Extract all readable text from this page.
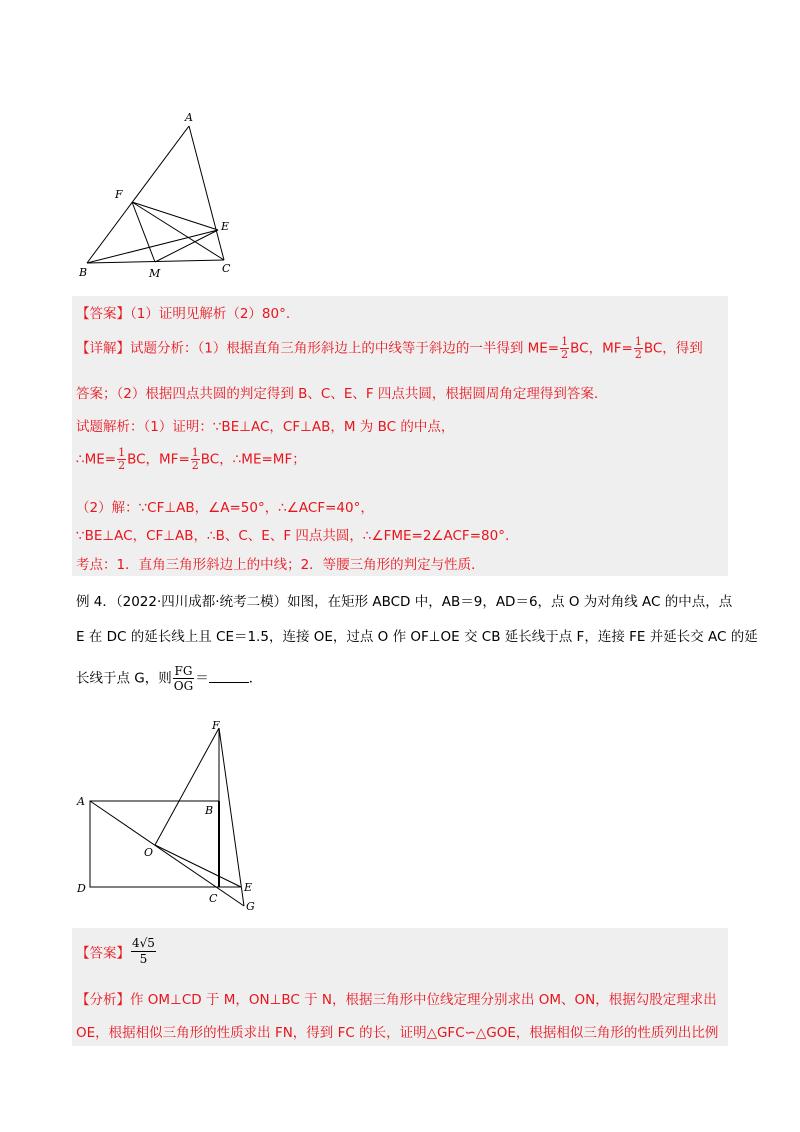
A
F
E
B	M	C
【答案】（1）证明见解析（2）80°.
【详解】试题分析：（1）根据直角三角形斜边上的中线等于斜边的一半得到 $ME= \frac{1}{2}$ BC，$MF= \frac{1}{2}$ BC，得到
答案；（2）根据四点共圆的判定得到 B、C、E、F 四点共圆，根据圆周角定理得到答案.
试题解析：（1）证明：∵BE⊥AC，CF⊥AB，M 为 BC 的中点，
∴ME= $\frac{1}{2}$ BC，$MF= \frac{1}{2}$ BC，∴ME=MF；
（2）解：∵CF⊥AB，∠A=50°，∴∠ACF=40°，
∵BE⊥AC，CF⊥AB，∴B、C、E、F 四点共圆，∴∠FME=2∠ACF=80°.
考点：1．直角三角形斜边上的中线；2．等腰三角形的判定与性质．
例 4．（2022·四川成都·统考二模）如图，在矩形 ABCD 中，AB＝9，AD＝6，点 O 为对角线 AC 的中点，点
E 在 DC 的延长线上且 CE＝1.5，连接 OE，过点 O 作 OF⊥OE 交 CB 延长线于点 F，连接 FE 并延长交 AC 的延
长线于点 G，则 $\frac{FG}{OG}$ ＝	．
F
A
B
O
D
C
E
G
【答案】 $\frac{4√5}{5}$
【分析】作 OM⊥CD 于 M，ON⊥BC 于 N，根据三角形中位线定理分别求出 OM、ON，根据勾股定理求出
OE，根据相似三角形的性质求出 FN，得到 FC 的长，证明△GFC∽△GOE，根据相似三角形的性质列出比例
